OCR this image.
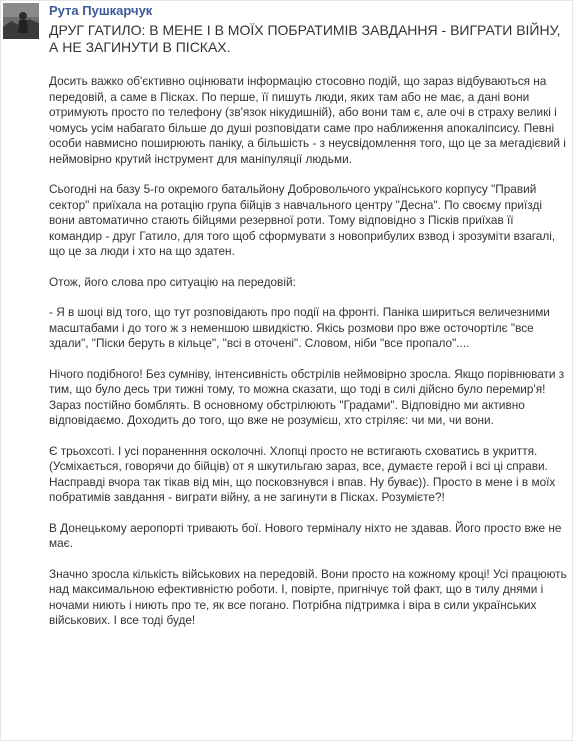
Рута Пушкарчук
ДРУГ ГАТИЛО: В МЕНЕ І В МОЇХ ПОБРАТИМІВ ЗАВДАННЯ - ВИГРАТИ ВІЙНУ, А НЕ ЗАГИНУТИ В ПІСКАХ.

Досить важко об'єктивно оцінювати інформацію стосовно подій, що зараз відбуваються на передовій, а саме в Пісках. По перше, її пишуть люди, яких там або не має, а дані вони отримують просто по телефону (зв'язок нікудишній), або вони там є, але очі в страху великі і чомусь усім набагато більше до душі розповідати саме про наближення апокаліпсису. Певні особи навмисно поширюють паніку, а більшість - з неусвідомлення того, що це за мегадієвий і неймовірно крутий інструмент для маніпуляції людьми.

Сьогодні на базу 5-го окремого батальйону Добровольчого українського корпусу "Правий сектор" приїхала на ротацію група бійців з навчального центру "Десна". По своєму приїзді вони автоматично стають бійцями резервної роти. Тому відповідно з Пісків приїхав її командир - друг Гатило, для того щоб сформувати з новоприбулих взвод і зрозуміти взагалі, що це за люди і хто на що здатен.

Отож, його слова про ситуацію на передовій:

- Я в шоці від того, що тут розповідають про події на фронті. Паніка шириться величезними масштабами і до того ж з неменшою швидкістю. Якісь розмови про вже осточортілє "все здали", "Піски беруть в кільце", "всі в оточені". Словом, ніби "все пропало"....

Нічого подібного! Без сумніву, інтенсивність обстрілів неймовірно зросла. Якщо порівнювати з тим, що було десь три тижні тому, то можна сказати, що тоді в силі дійсно було перемир'я! Зараз постійно бомблять. В основному обстрілюють "Градами". Відповідно ми активно відповідаємо. Доходить до того, що вже не розумієш, хто стріляє: чи ми, чи вони.

Є трьохсоті. І усі пораненння осколочні. Хлопці просто не встигають сховатись в укриття. (Усміхається, говорячи до бійців) от я шкутильгаю зараз, все, думаєте герой і всі ці справи. Насправді вчора так тікав від мін, що посковзнувся і впав. Ну буває)). Просто в мене і в моїх побратимів завдання - виграти війну, а не загинути в Пісках. Розумієте?!

В Донецькому аеропорті тривають бої. Нового терміналу ніхто не здавав. Його просто вже не має.

Значно зросла кількість військових на передовій. Вони просто на кожному кроці! Усі працюють над максимальною ефективністю роботи. І, повірте, пригнічує той факт, що в тилу днями і ночами ниють і ниють про те, як все погано. Потрібна підтримка і віра в сили українських військових. І все тоді буде!
